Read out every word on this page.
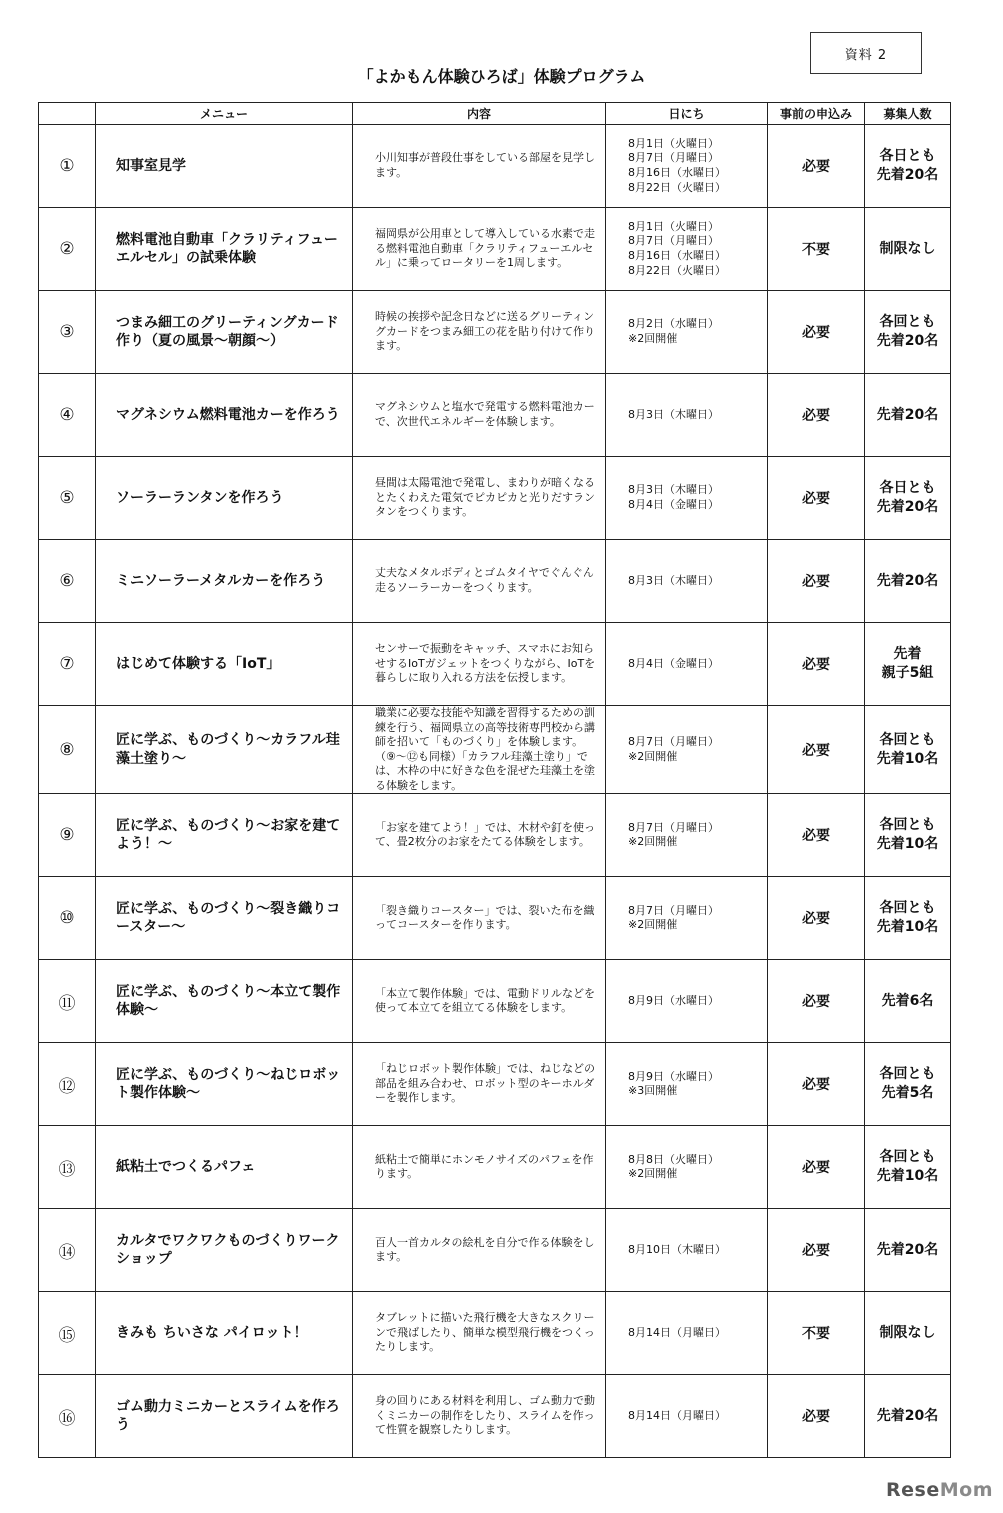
資料 2
「よかもん体験ひろば」体験プログラム
	メニュー	内容	日にち	事前の申込み	募集人数
①	知事室見学	小川知事が普段仕事をしている部屋を見学します。	8月1日（火曜日）
8月7日（月曜日）
8月16日（水曜日）
8月22日（火曜日）	必要	各日とも
先着20名
②	燃料電池自動車「クラリティフューエルセル」の試乗体験	福岡県が公用車として導入している水素で走る燃料電池自動車「クラリティフューエルセル」に乗ってロータリーを1周します。	8月1日（火曜日）
8月7日（月曜日）
8月16日（水曜日）
8月22日（火曜日）	不要	制限なし
③	つまみ細工のグリーティングカード作り（夏の風景～朝顔～）	時候の挨拶や記念日などに送るグリーティングカードをつまみ細工の花を貼り付けて作ります。	8月2日（水曜日）
※2回開催	必要	各回とも
先着20名
④	マグネシウム燃料電池カーを作ろう	マグネシウムと塩水で発電する燃料電池カーで、次世代エネルギーを体験します。	8月3日（木曜日）	必要	先着20名
⑤	ソーラーランタンを作ろう	昼間は太陽電池で発電し、まわりが暗くなるとたくわえた電気でピカピカと光りだすランタンをつくります。	8月3日（木曜日）
8月4日（金曜日）	必要	各日とも
先着20名
⑥	ミニソーラーメタルカーを作ろう	丈夫なメタルボディとゴムタイヤでぐんぐん走るソーラーカーをつくります。	8月3日（木曜日）	必要	先着20名
⑦	はじめて体験する「IoT」	センサーで振動をキャッチ、スマホにお知らせするIoTガジェットをつくりながら、IoTを暮らしに取り入れる方法を伝授します。	8月4日（金曜日）	必要	先着
親子5組
⑧	匠に学ぶ、ものづくり～カラフル珪藻土塗り～	職業に必要な技能や知識を習得するための訓練を行う、福岡県立の高等技術専門校から講師を招いて「ものづくり」を体験します。（⑨～⑫も同様）「カラフル珪藻土塗り」では、木枠の中に好きな色を混ぜた珪藻土を塗る体験をします。	8月7日（月曜日）
※2回開催	必要	各回とも
先着10名
⑨	匠に学ぶ、ものづくり～お家を建てよう！～	「お家を建てよう！」では、木材や釘を使って、畳2枚分のお家をたてる体験をします。	8月7日（月曜日）
※2回開催	必要	各回とも
先着10名
⑩	匠に学ぶ、ものづくり～裂き織りコースター～	「裂き織りコースター」では、裂いた布を織ってコースターを作ります。	8月7日（月曜日）
※2回開催	必要	各回とも
先着10名
⑪	匠に学ぶ、ものづくり～本立て製作体験～	「本立て製作体験」では、電動ドリルなどを使って本立てを組立てる体験をします。	8月9日（水曜日）	必要	先着6名
⑫	匠に学ぶ、ものづくり～ねじロボット製作体験～	「ねじロボット製作体験」では、ねじなどの部品を組み合わせ、ロボット型のキーホルダーを製作します。	8月9日（水曜日）
※3回開催	必要	各回とも
先着5名
⑬	紙粘土でつくるパフェ	紙粘土で簡単にホンモノサイズのパフェを作ります。	8月8日（火曜日）
※2回開催	必要	各回とも
先着10名
⑭	カルタでワクワクものづくりワークショップ	百人一首カルタの絵札を自分で作る体験をします。	8月10日（木曜日）	必要	先着20名
⑮	きみも ちいさな パイロット！	タブレットに描いた飛行機を大きなスクリーンで飛ばしたり、簡単な模型飛行機をつくったりします。	8月14日（月曜日）	不要	制限なし
⑯	ゴム動力ミニカーとスライムを作ろう	身の回りにある材料を利用し、ゴム動力で動くミニカーの制作をしたり、スライムを作って性質を観察したりします。	8月14日（月曜日）	必要	先着20名
ReseMom
